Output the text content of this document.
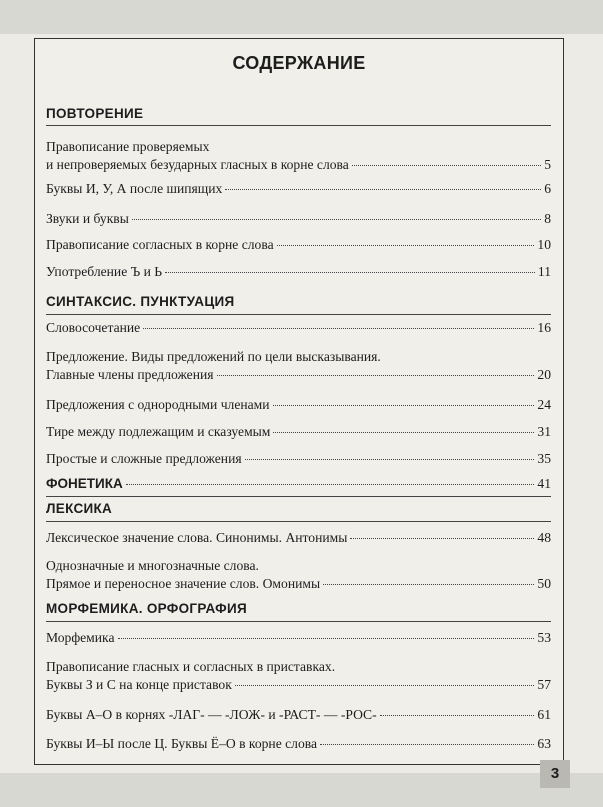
СОДЕРЖАНИЕ
ПОВТОРЕНИЕ
Правописание проверяемых
и непроверяемых безударных гласных в корне слова	5
Буквы И, У, А после шипящих	6
Звуки и буквы	8
Правописание согласных в корне слова	10
Употребление Ъ и Ь	11
СИНТАКСИС. ПУНКТУАЦИЯ
Словосочетание	16
Предложение. Виды предложений по цели высказывания.
Главные члены предложения	20
Предложения с однородными членами	24
Тире между подлежащим и сказуемым	31
Простые и сложные предложения	35
ФОНЕТИКА	41
ЛЕКСИКА
Лексическое значение слова. Синонимы. Антонимы	48
Однозначные и многозначные слова.
Прямое и переносное значение слов. Омонимы	50
МОРФЕМИКА. ОРФОГРАФИЯ
Морфемика	53
Правописание гласных и согласных в приставках.
Буквы З и С на конце приставок	57
Буквы А–О в корнях -ЛАГ- — -ЛОЖ- и -РАСТ- — -РОС-	61
Буквы И–Ы после Ц. Буквы Ё–О в корне слова	63
3
